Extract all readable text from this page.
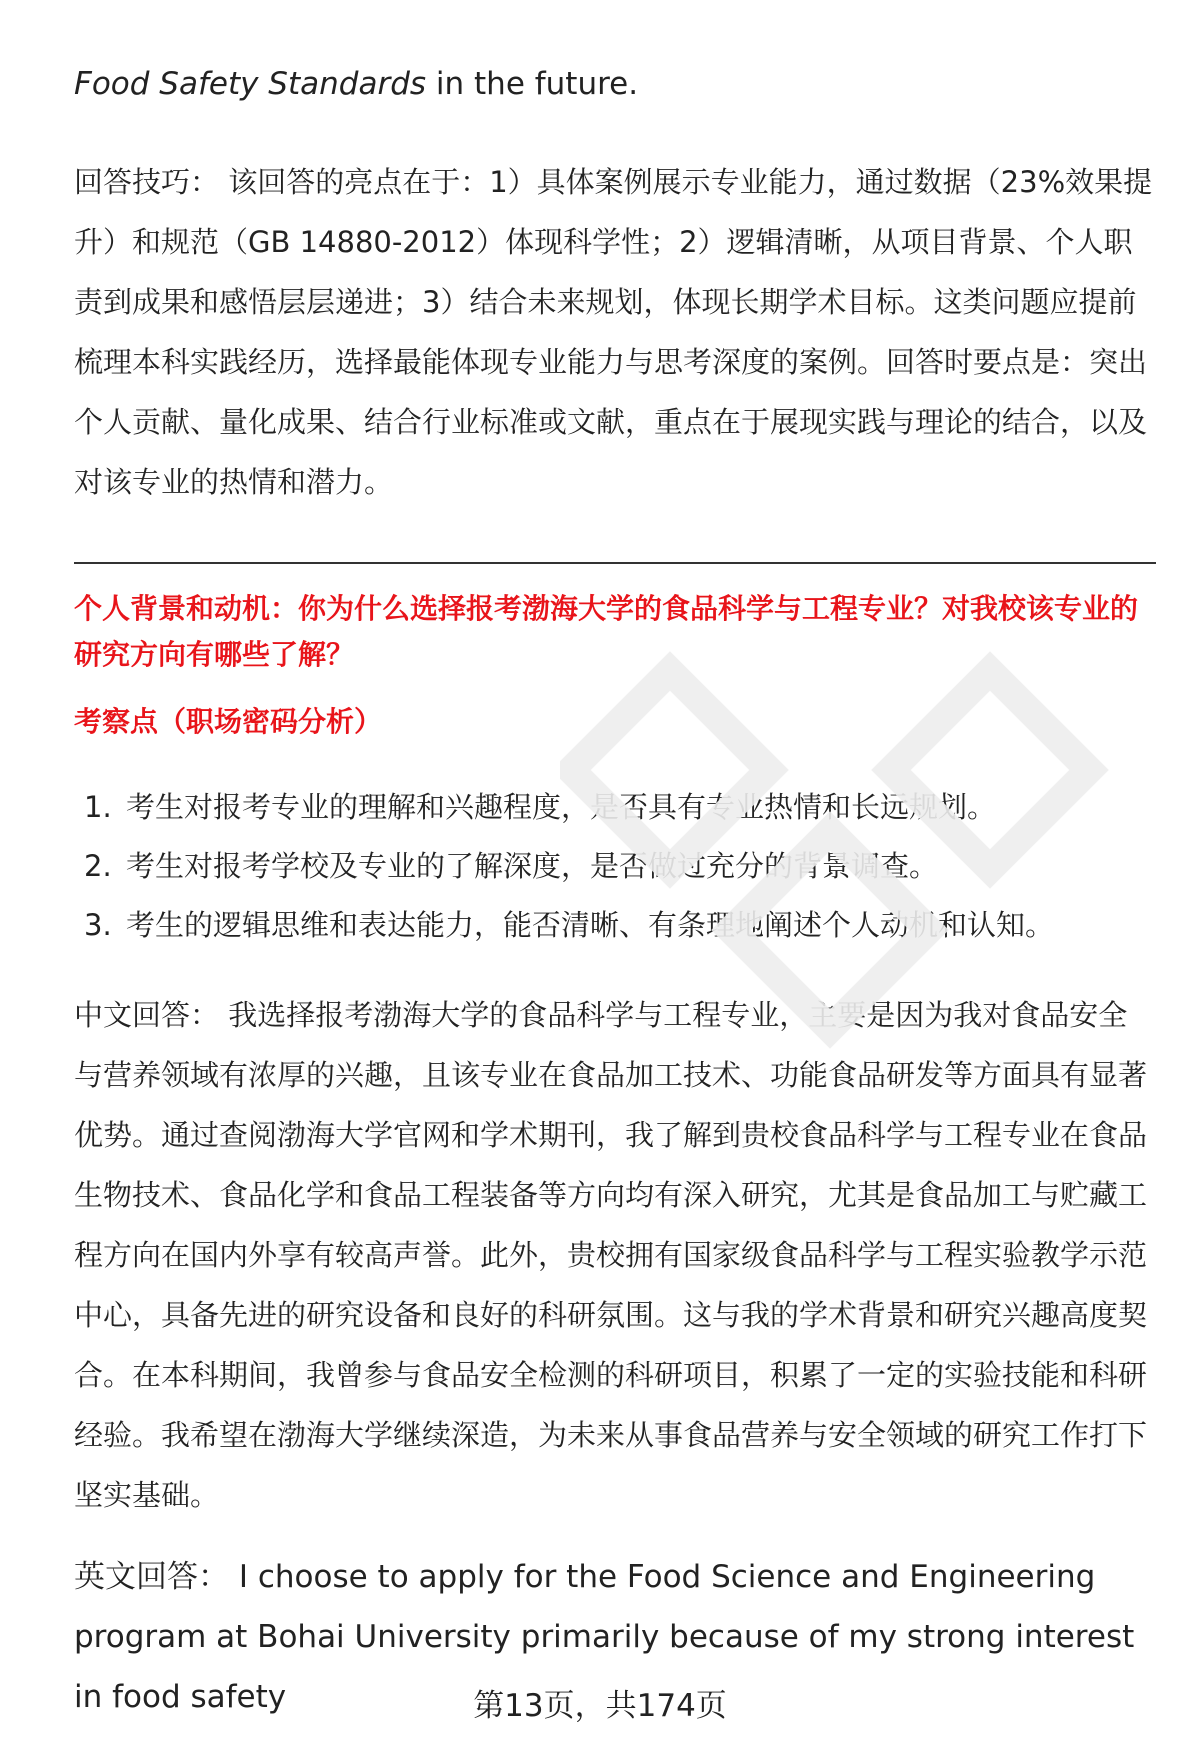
Food Safety Standards in the future.

回答技巧： 该回答的亮点在于：1）具体案例展示专业能力，通过数据（23%效果提升）和规范（GB 14880-2012）体现科学性；2）逻辑清晰，从项目背景、个人职责到成果和感悟层层递进；3）结合未来规划，体现长期学术目标。这类问题应提前梳理本科实践经历，选择最能体现专业能力与思考深度的案例。回答时要点是：突出个人贡献、量化成果、结合行业标准或文献，重点在于展现实践与理论的结合，以及对该专业的热情和潜力。

个人背景和动机：你为什么选择报考渤海大学的食品科学与工程专业？对我校该专业的研究方向有哪些了解？

考察点（职场密码分析）

1. 考生对报考专业的理解和兴趣程度，是否具有专业热情和长远规划。
2. 考生对报考学校及专业的了解深度，是否做过充分的背景调查。
3. 考生的逻辑思维和表达能力，能否清晰、有条理地阐述个人动机和认知。

中文回答： 我选择报考渤海大学的食品科学与工程专业，主要是因为我对食品安全与营养领域有浓厚的兴趣，且该专业在食品加工技术、功能食品研发等方面具有显著优势。通过查阅渤海大学官网和学术期刊，我了解到贵校食品科学与工程专业在食品生物技术、食品化学和食品工程装备等方向均有深入研究，尤其是食品加工与贮藏工程方向在国内外享有较高声誉。此外，贵校拥有国家级食品科学与工程实验教学示范中心，具备先进的研究设备和良好的科研氛围。这与我的学术背景和研究兴趣高度契合。在本科期间，我曾参与食品安全检测的科研项目，积累了一定的实验技能和科研经验。我希望在渤海大学继续深造，为未来从事食品营养与安全领域的研究工作打下坚实基础。

英文回答： I choose to apply for the Food Science and Engineering program at Bohai University primarily because of my strong interest in food safety	第13页，共174页
